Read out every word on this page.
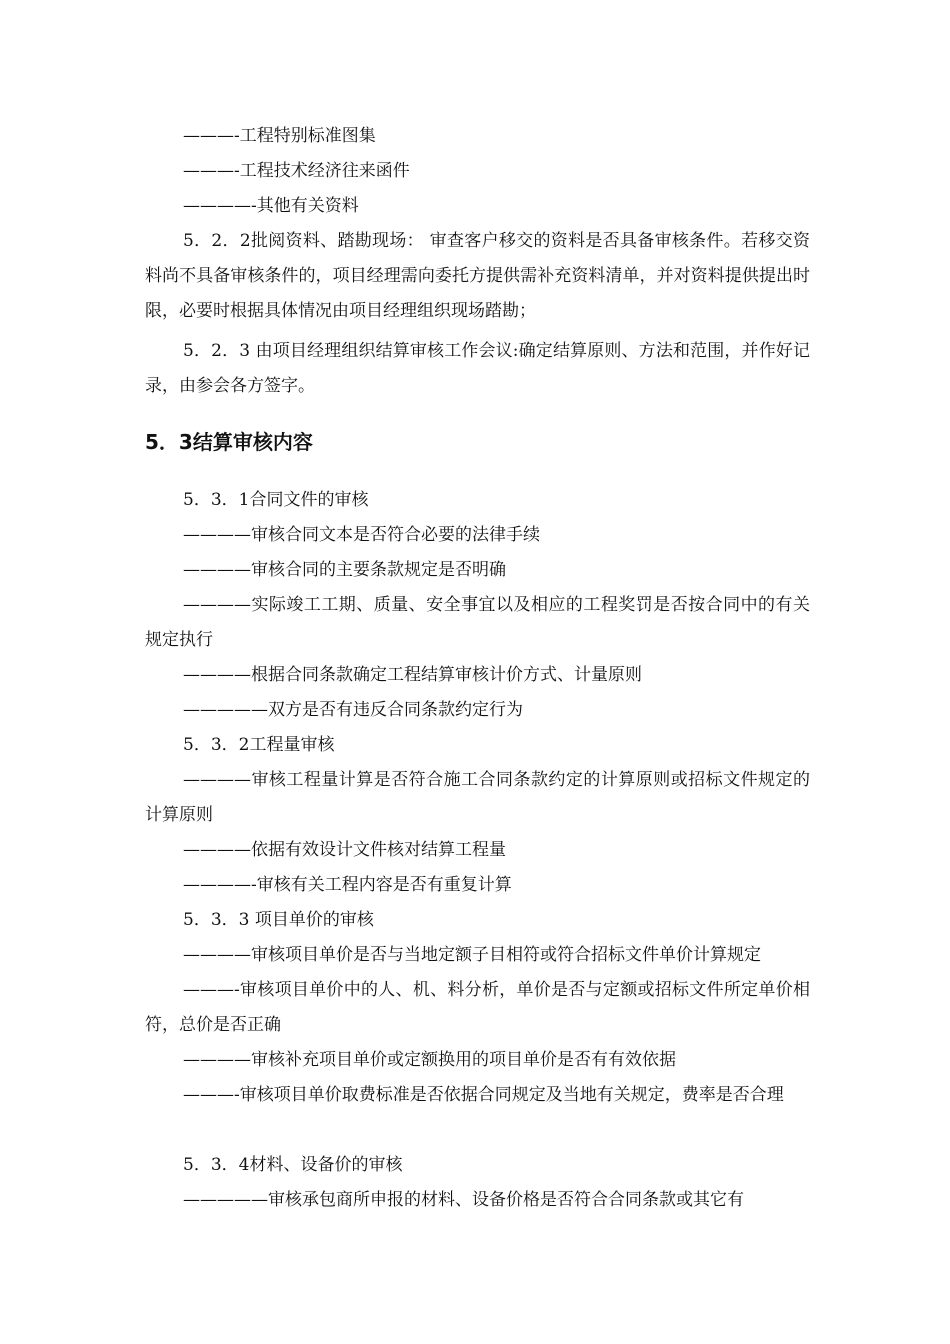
———-工程特别标准图集
———-工程技术经济往来函件
————-其他有关资料
5．2．2批阅资料、踏勘现场： 审查客户移交的资料是否具备审核条件。若移交资料尚不具备审核条件的，项目经理需向委托方提供需补充资料清单，并对资料提供提出时限，必要时根据具体情况由项目经理组织现场踏勘；
5．2．3 由项目经理组织结算审核工作会议:确定结算原则、方法和范围，并作好记录，由参会各方签字。
5．3结算审核内容
5．3．1合同文件的审核
————审核合同文本是否符合必要的法律手续
————审核合同的主要条款规定是否明确
————实际竣工工期、质量、安全事宜以及相应的工程奖罚是否按合同中的有关规定执行
————根据合同条款确定工程结算审核计价方式、计量原则
—————双方是否有违反合同条款约定行为
5．3．2工程量审核
————审核工程量计算是否符合施工合同条款约定的计算原则或招标文件规定的计算原则
————依据有效设计文件核对结算工程量
————-审核有关工程内容是否有重复计算
5．3．3 项目单价的审核
————审核项目单价是否与当地定额子目相符或符合招标文件单价计算规定
———-审核项目单价中的人、机、料分析，单价是否与定额或招标文件所定单价相符，总价是否正确
————审核补充项目单价或定额换用的项目单价是否有有效依据
———-审核项目单价取费标准是否依据合同规定及当地有关规定，费率是否合理
5．3．4材料、设备价的审核
—————审核承包商所申报的材料、设备价格是否符合合同条款或其它有
